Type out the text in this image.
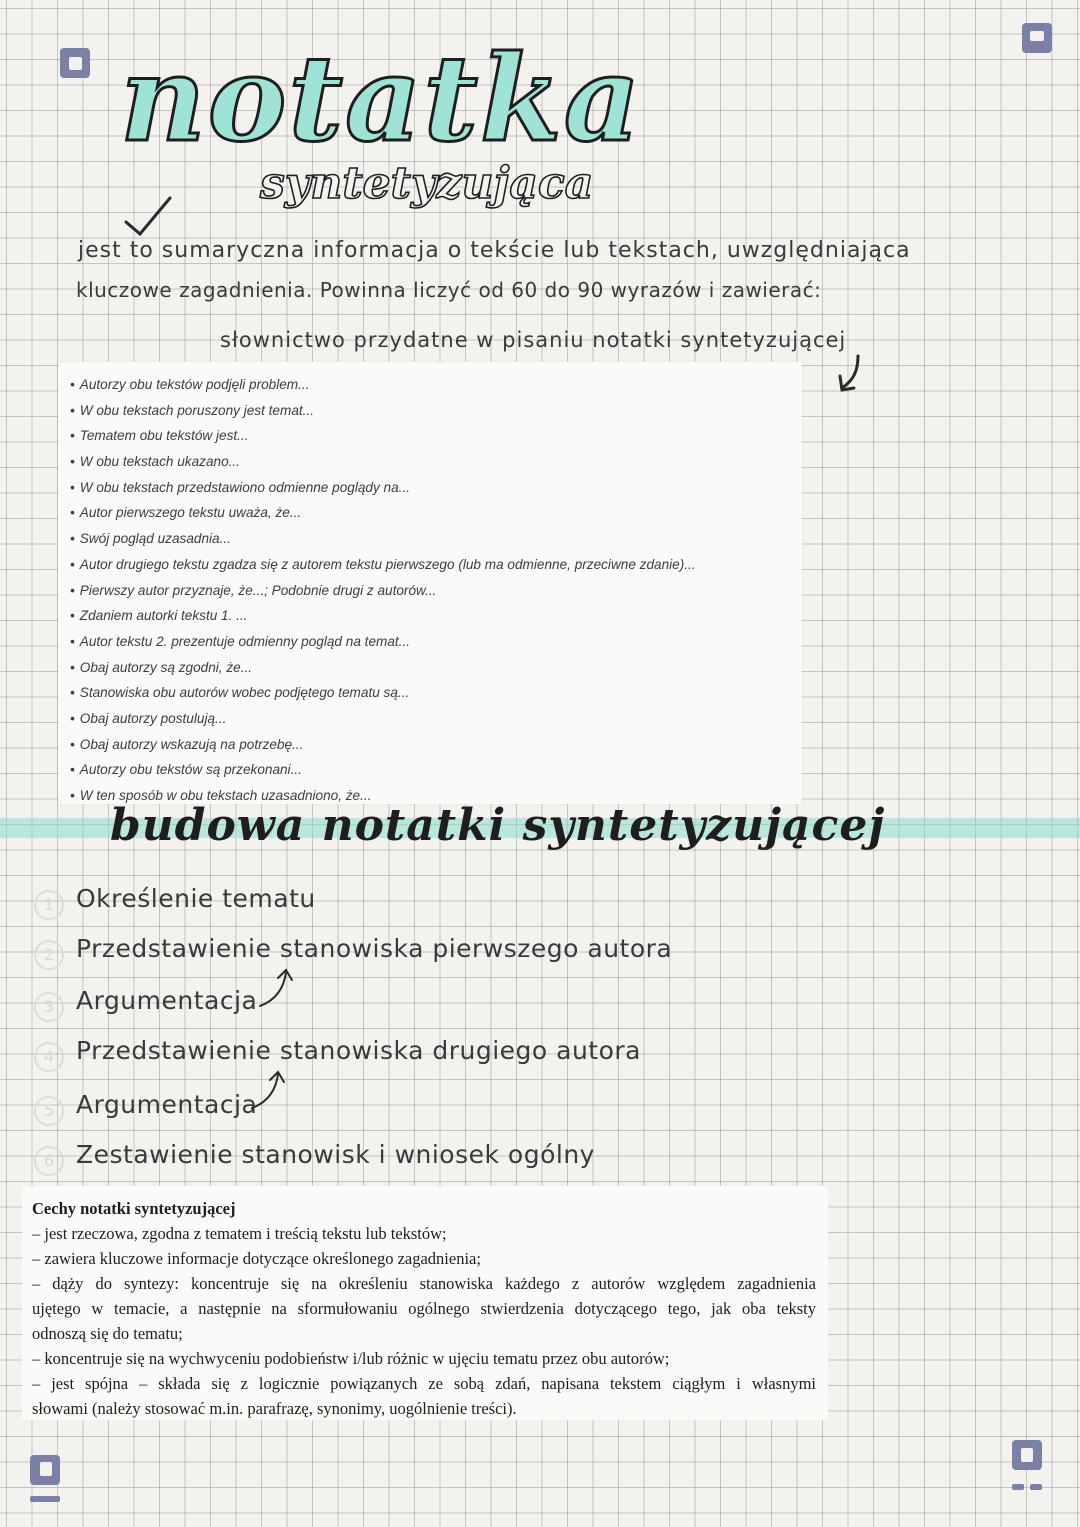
notatka
syntetyzująca
jest to sumaryczna informacja o tekście lub tekstach, uwzględniająca
kluczowe zagadnienia. Powinna liczyć od 60 do 90 wyrazów i zawierać:
słownictwo przydatne w pisaniu notatki syntetyzującej
• Autorzy obu tekstów podjęli problem...
• W obu tekstach poruszony jest temat...
• Tematem obu tekstów jest...
• W obu tekstach ukazano...
• W obu tekstach przedstawiono odmienne poglądy na...
• Autor pierwszego tekstu uważa, że...
• Swój pogląd uzasadnia...
• Autor drugiego tekstu zgadza się z autorem tekstu pierwszego (lub ma odmienne, przeciwne zdanie)...
• Pierwszy autor przyznaje, że...; Podobnie drugi z autorów...
• Zdaniem autorki tekstu 1. ...
• Autor tekstu 2. prezentuje odmienny pogląd na temat...
• Obaj autorzy są zgodni, że...
• Stanowiska obu autorów wobec podjętego tematu są...
• Obaj autorzy postulują...
• Obaj autorzy wskazują na potrzebę...
• Autorzy obu tekstów są przekonani...
• W ten sposób w obu tekstach uzasadniono, że...
budowa notatki syntetyzującej
1 Określenie tematu
2 Przedstawienie stanowiska pierwszego autora
3 Argumentacja
4 Przedstawienie stanowiska drugiego autora
5 Argumentacja
6 Zestawienie stanowisk i wniosek ogólny
Cechy notatki syntetyzującej
– jest rzeczowa, zgodna z tematem i treścią tekstu lub tekstów;
– zawiera kluczowe informacje dotyczące określonego zagadnienia;
– dąży do syntezy: koncentruje się na określeniu stanowiska każdego z autorów względem zagadnienia
ujętego w temacie, a następnie na sformułowaniu ogólnego stwierdzenia dotyczącego tego, jak oba teksty
odnoszą się do tematu;
– koncentruje się na wychwyceniu podobieństw i/lub różnic w ujęciu tematu przez obu autorów;
– jest spójna – składa się z logicznie powiązanych ze sobą zdań, napisana tekstem ciągłym i własnymi
słowami (należy stosować m.in. parafrazę, synonimy, uogólnienie treści).
